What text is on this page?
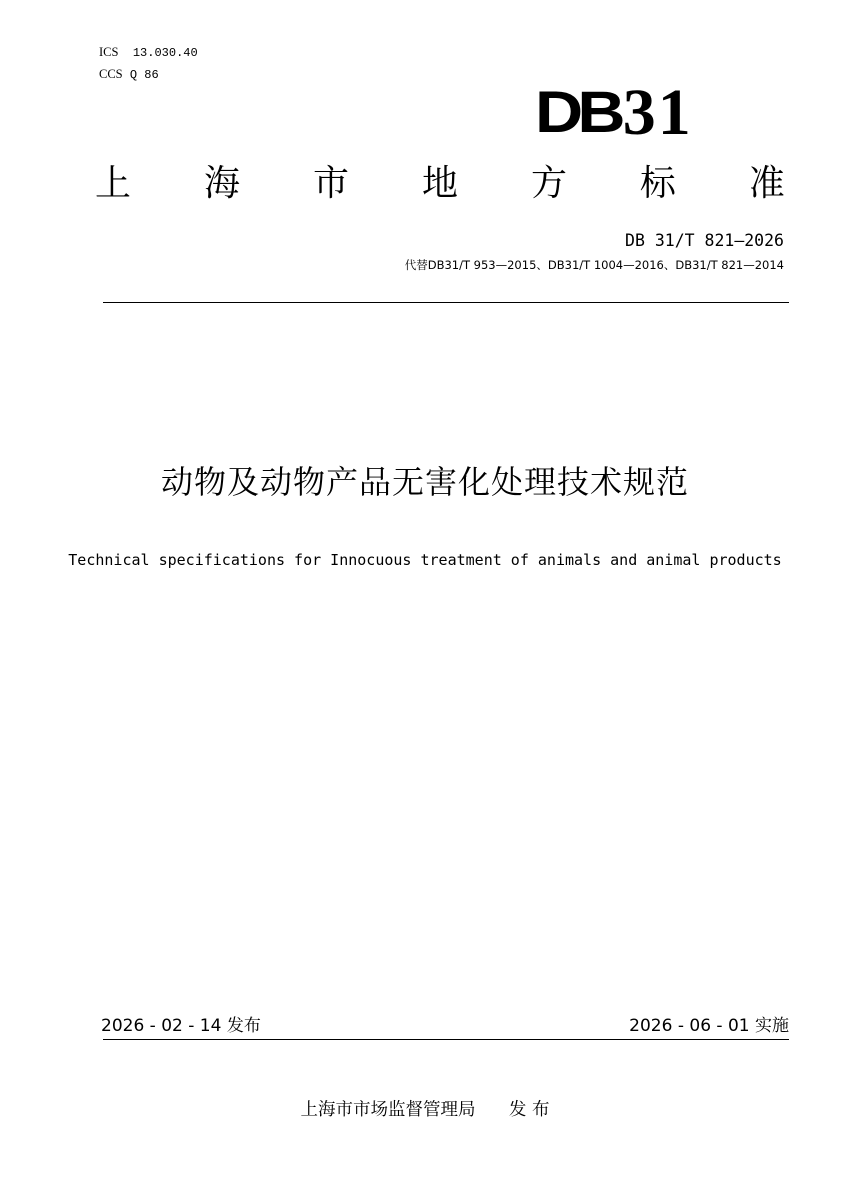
ICS 13.030.40
CCS Q 86
DB 31
上 海 市 地 方 标 准
DB 31/T 821—2026
代替DB31/T 953—2015、DB31/T 1004—2016、DB31/T 821—2014
动物及动物产品无害化处理技术规范
Technical specifications for Innocuous treatment of animals and animal products
2026 - 02 - 14 发布	2026 - 06 - 01 实施
上海市市场监督管理局 发 布
